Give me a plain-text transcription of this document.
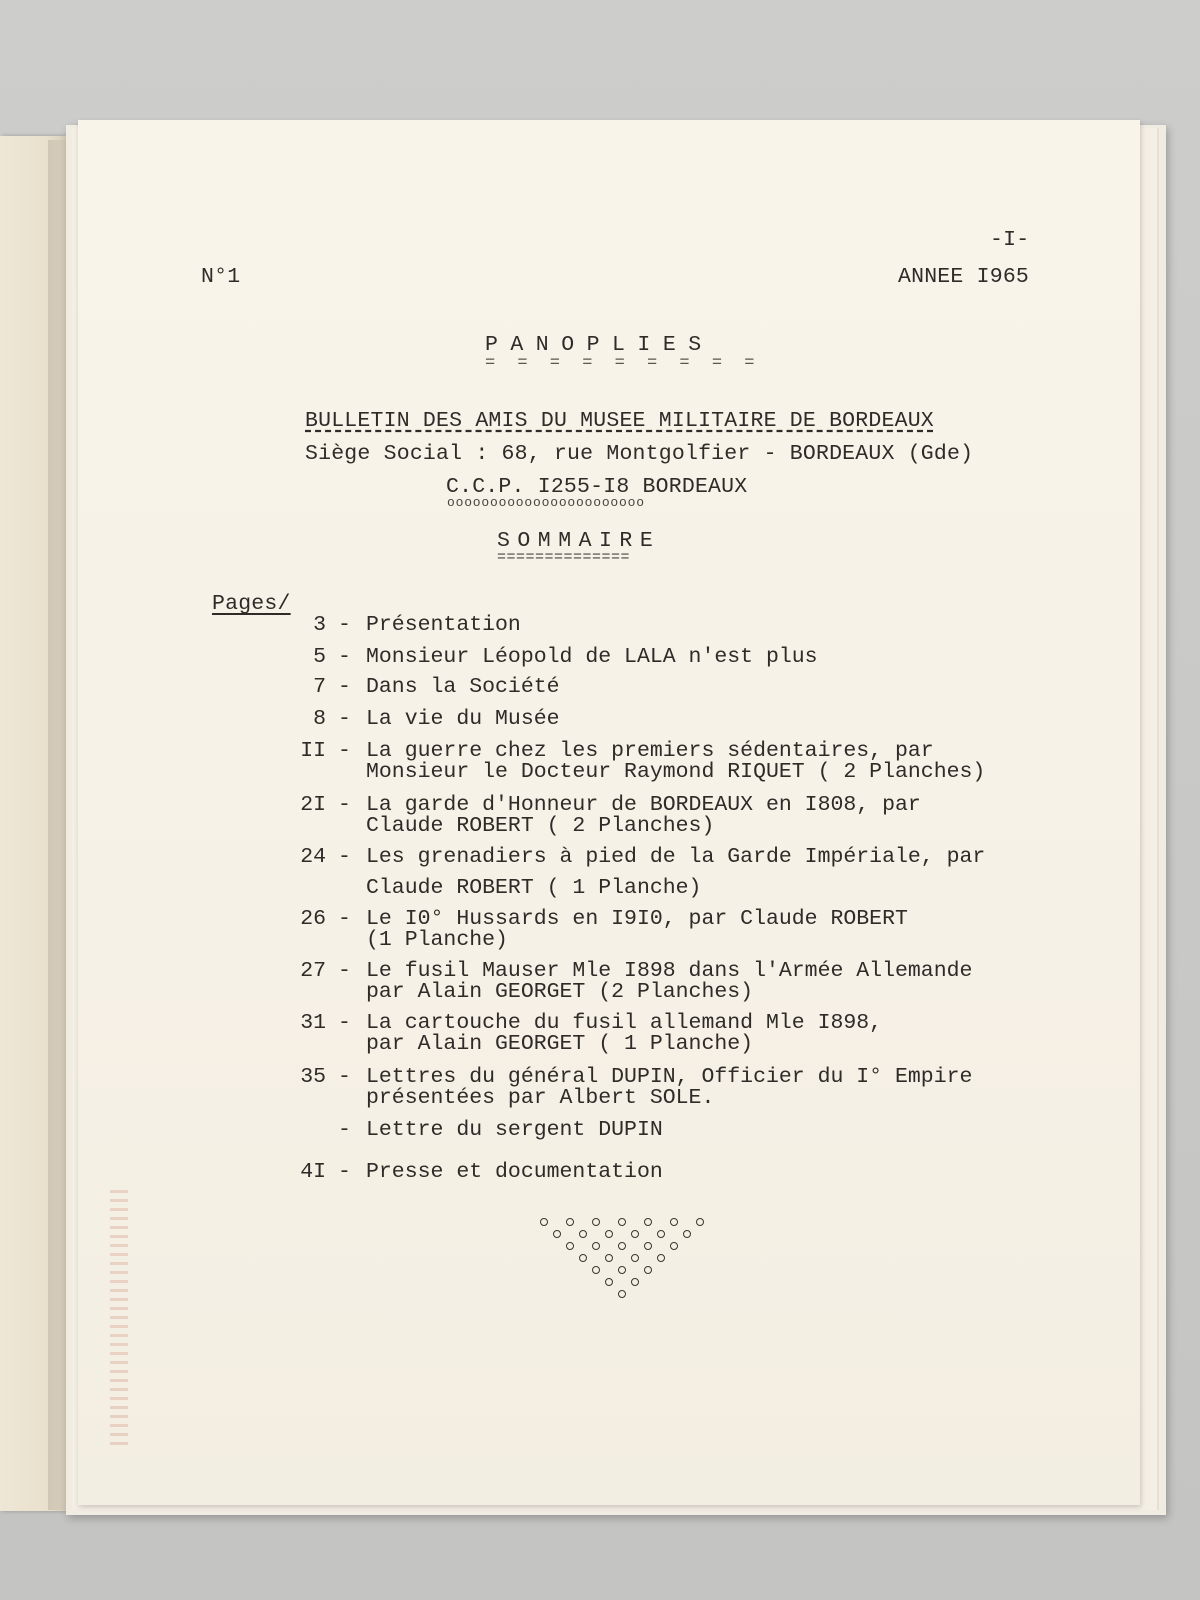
-I-
N°1	ANNEE I965
PANOPLIES
= = = = = = = = =
BULLETIN DES AMIS DU MUSEE MILITAIRE DE BORDEAUX
Siège Social : 68, rue Montgolfier - BORDEAUX (Gde)
C.C.P. I255-I8 BORDEAUX
ooooooooooooooooooooooo
SOMMAIRE
==============
Pages/
3 - Présentation
5 - Monsieur Léopold de LALA n'est plus
7 - Dans la Société
8 - La vie du Musée
II - La guerre chez les premiers sédentaires, par
Monsieur le Docteur Raymond RIQUET ( 2 Planches)
2I - La garde d'Honneur de BORDEAUX en I808, par
Claude ROBERT ( 2 Planches)
24 - Les grenadiers à pied de la Garde Impériale, par
Claude ROBERT ( 1 Planche)
26 - Le I0° Hussards en I9I0, par Claude ROBERT
(1 Planche)
27 - Le fusil Mauser Mle I898 dans l'Armée Allemande
par Alain GEORGET (2 Planches)
31 - La cartouche du fusil allemand Mle I898,
par Alain GEORGET ( 1 Planche)
35 - Lettres du général DUPIN, Officier du I° Empire
présentées par Albert SOLE.
- Lettre du sergent DUPIN
4I - Presse et documentation
